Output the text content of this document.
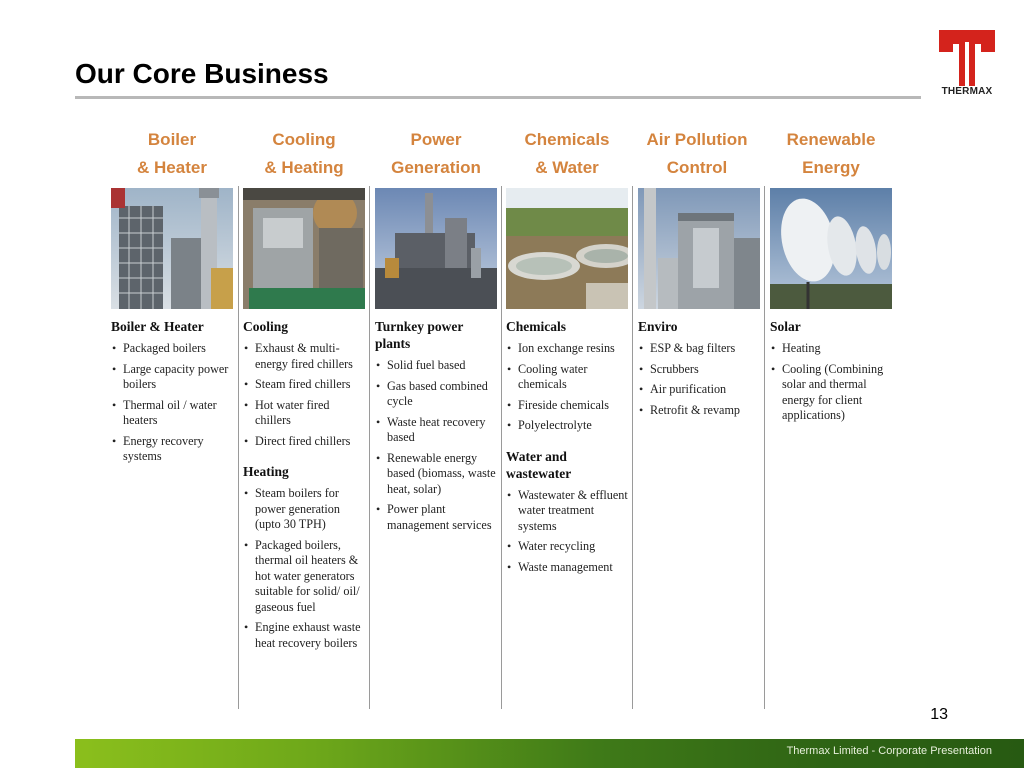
Our Core Business
THERMAX
Boiler
& Heater
Cooling
& Heating
Power
Generation
Chemicals
& Water
Air Pollution
Control
Renewable
Energy
Boiler & Heater
• Packaged boilers
• Large capacity power boilers
• Thermal oil / water heaters
• Energy recovery systems
Cooling
• Exhaust & multi-energy fired chillers
• Steam fired chillers
• Hot water fired chillers
• Direct fired chillers
Heating
• Steam boilers for power generation (upto 30 TPH)
• Packaged boilers, thermal oil heaters & hot water generators suitable for solid/ oil/ gaseous fuel
• Engine exhaust waste heat recovery boilers
Turnkey power plants
• Solid fuel based
• Gas based combined cycle
• Waste heat recovery based
• Renewable energy based (biomass, waste heat, solar)
• Power plant management services
Chemicals
• Ion exchange resins
• Cooling water chemicals
• Fireside chemicals
• Polyelectrolyte
Water and wastewater
• Wastewater & effluent water treatment systems
• Water recycling
• Waste management
Enviro
• ESP & bag filters
• Scrubbers
• Air purification
• Retrofit & revamp
Solar
• Heating
• Cooling (Combining solar and thermal energy for client applications)
13
Thermax Limited - Corporate Presentation
